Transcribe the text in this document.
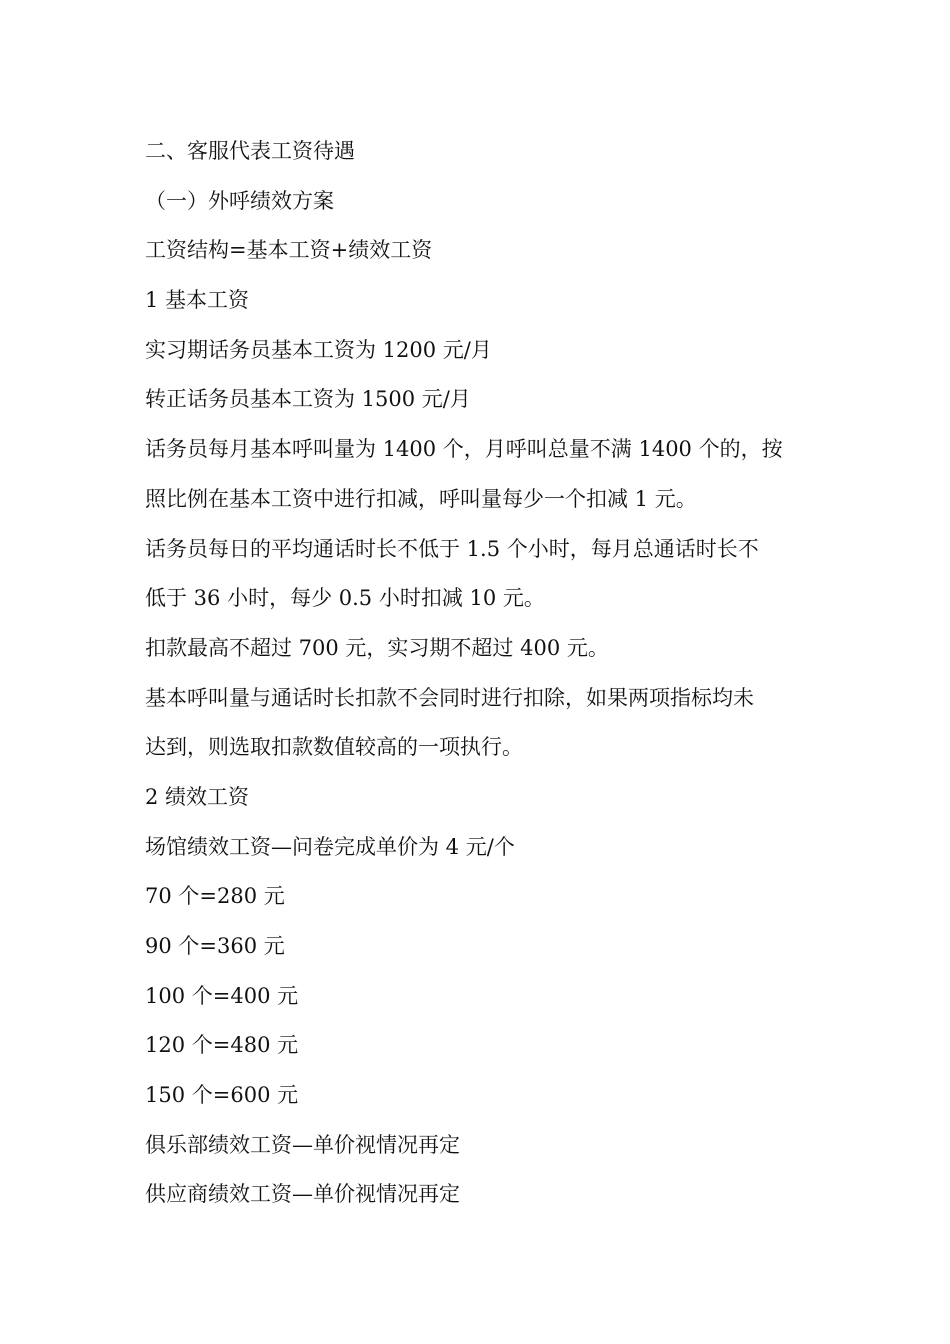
二、客服代表工资待遇
（一）外呼绩效方案
工资结构=基本工资+绩效工资
1 基本工资
实习期话务员基本工资为 1200 元/月
转正话务员基本工资为 1500 元/月
话务员每月基本呼叫量为 1400 个，月呼叫总量不满 1400 个的，按
照比例在基本工资中进行扣减，呼叫量每少一个扣减 1 元。
话务员每日的平均通话时长不低于 1.5 个小时，每月总通话时长不
低于 36 小时，每少 0.5 小时扣减 10 元。
扣款最高不超过 700 元，实习期不超过 400 元。
基本呼叫量与通话时长扣款不会同时进行扣除，如果两项指标均未
达到，则选取扣款数值较高的一项执行。
2 绩效工资
场馆绩效工资—问卷完成单价为 4 元/个
70 个=280 元
90 个=360 元
100 个=400 元
120 个=480 元
150 个=600 元
俱乐部绩效工资—单价视情况再定
供应商绩效工资—单价视情况再定
